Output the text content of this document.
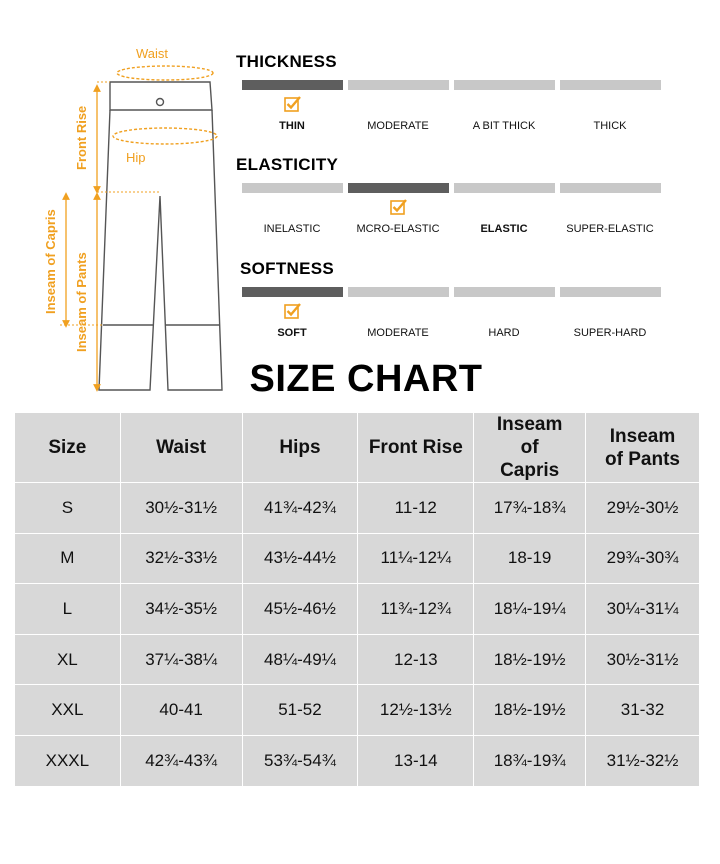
Waist
Hip
Front Rise
Inseam of Capris Inseam of Pants
THICKNESS
THIN	MODERATE	A BIT THICK	THICK
ELASTICITY
INELASTIC	MCRO-ELASTIC	ELASTIC	SUPER-ELASTIC
SOFTNESS
SOFT	MODERATE	HARD	SUPER-HARD
SIZE CHART
Size	Waist	Hips	Front Rise	Inseam of Capris	Inseam of Pants
S	30½-31½	41¾-42¾	11-12	17¾-18¾	29½-30½
M	32½-33½	43½-44½	11¼-12¼	18-19	29¾-30¾
L	34½-35½	45½-46½	11¾-12¾	18¼-19¼	30¼-31¼
XL	37¼-38¼	48¼-49¼	12-13	18½-19½	30½-31½
XXL	40-41	51-52	12½-13½	18½-19½	31-32
XXXL	42¾-43¾	53¾-54¾	13-14	18¾-19¾	31½-32½
